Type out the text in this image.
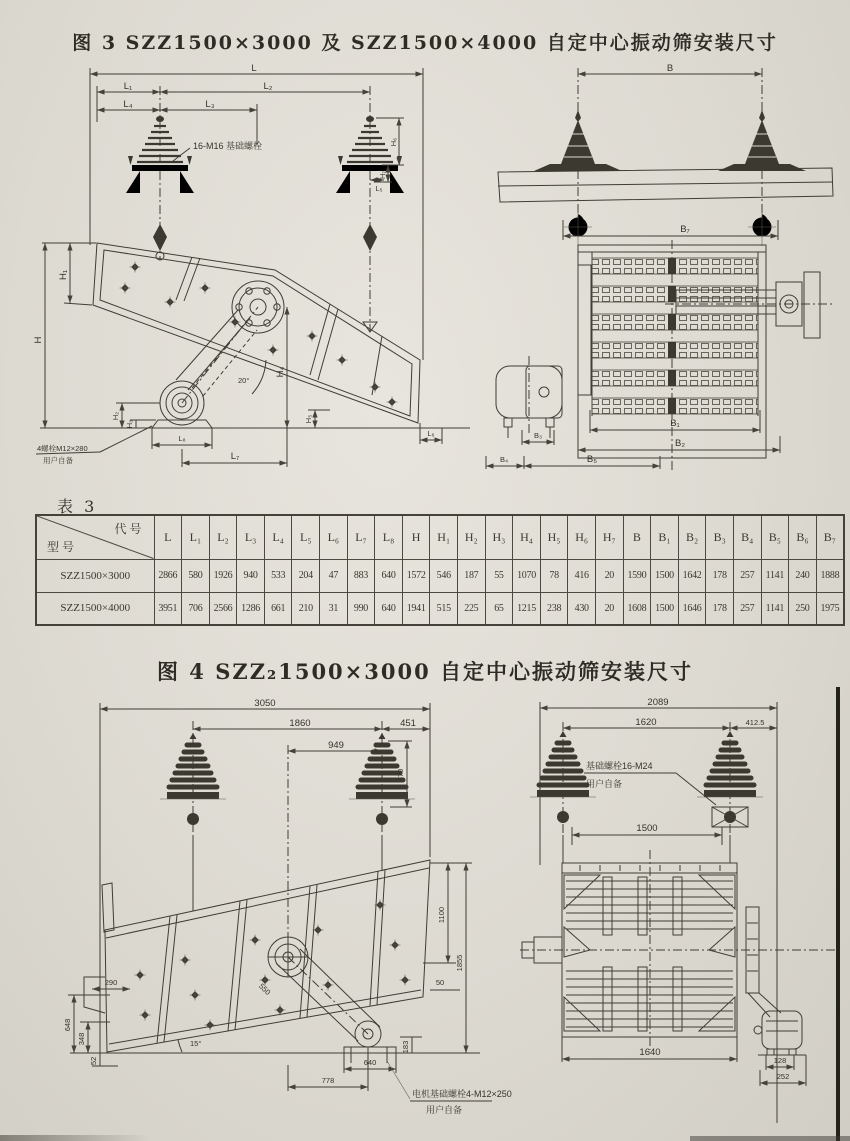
图 3 SZZ1500×3000 及 SZZ1500×4000 自定中心振动筛安装尺寸
L
L₁	L₂
L₄	L₃
H₆
H₇
L₅
16-M16 基础螺栓
20°
H
H₁
H₂
H₃
H₄
H₅
L₈
L₇
L₆
4螺栓M12×280
用户自备
B
B₇
B₃
B₁
B₂
B₄	B₅
表 3
代 号
型 号	L	L₁	L₂	L₃	L₄	L₅	L₆	L₇	L₈	H	H₁	H₂	H₃	H₄	H₅	H₆	H₇	B	B₁	B₂	B₃	B₄	B₅	B₆	B₇
SZZ1500×3000	2866	580	1926	940	533	204	47	883	640	1572	546	187	55	1070	78	416	20	1590	1500	1642	178	257	1141	240	1888
SZZ1500×4000	3951	706	2566	1286	661	210	31	990	640	1941	515	225	65	1215	238	430	20	1608	1500	1646	178	257	1141	250	1975
图 4 SZZ₂1500×3000 自定中心振动筛安装尺寸
3050
1860	451
949
470
550
15°
290
648
348
52
1100
50
1855
183
640
778
电机基础螺栓4-M12×250
用户自备
2089
1620	412.5
基础螺栓16-M24
用户自备
1500
1640
128
252
